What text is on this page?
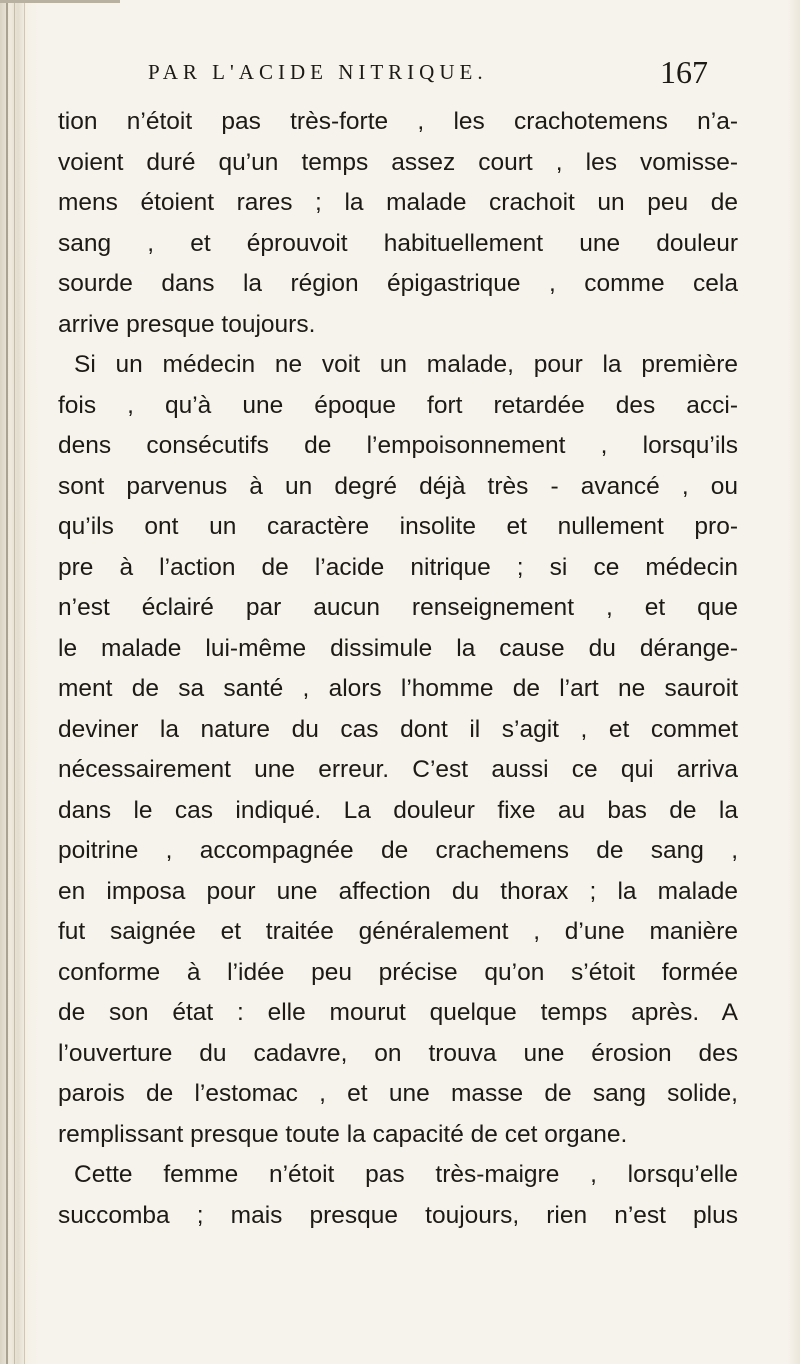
PAR L'ACIDE NITRIQUE.	167
tion n’étoit pas très-forte , les crachotemens n’a-
voient duré qu’un temps assez court , les vomisse-
mens étoient rares ; la malade crachoit un peu de
sang , et éprouvoit habituellement une douleur
sourde dans la région épigastrique , comme cela
arrive presque toujours.
Si un médecin ne voit un malade, pour la première
fois , qu’à une époque fort retardée des acci-
dens consécutifs de l’empoisonnement , lorsqu’ils
sont parvenus à un degré déjà très - avancé , ou
qu’ils ont un caractère insolite et nullement pro-
pre à l’action de l’acide nitrique ; si ce médecin
n’est éclairé par aucun renseignement , et que
le malade lui-même dissimule la cause du dérange-
ment de sa santé , alors l’homme de l’art ne sauroit
deviner la nature du cas dont il s’agit , et commet
nécessairement une erreur. C’est aussi ce qui arriva
dans le cas indiqué. La douleur fixe au bas de la
poitrine , accompagnée de crachemens de sang ,
en imposa pour une affection du thorax ; la malade
fut saignée et traitée généralement , d’une manière
conforme à l’idée peu précise qu’on s’étoit formée
de son état : elle mourut quelque temps après. A
l’ouverture du cadavre, on trouva une érosion des
parois de l’estomac , et une masse de sang solide,
remplissant presque toute la capacité de cet organe.
Cette femme n’étoit pas très-maigre , lorsqu’elle
succomba ; mais presque toujours, rien n’est plus
